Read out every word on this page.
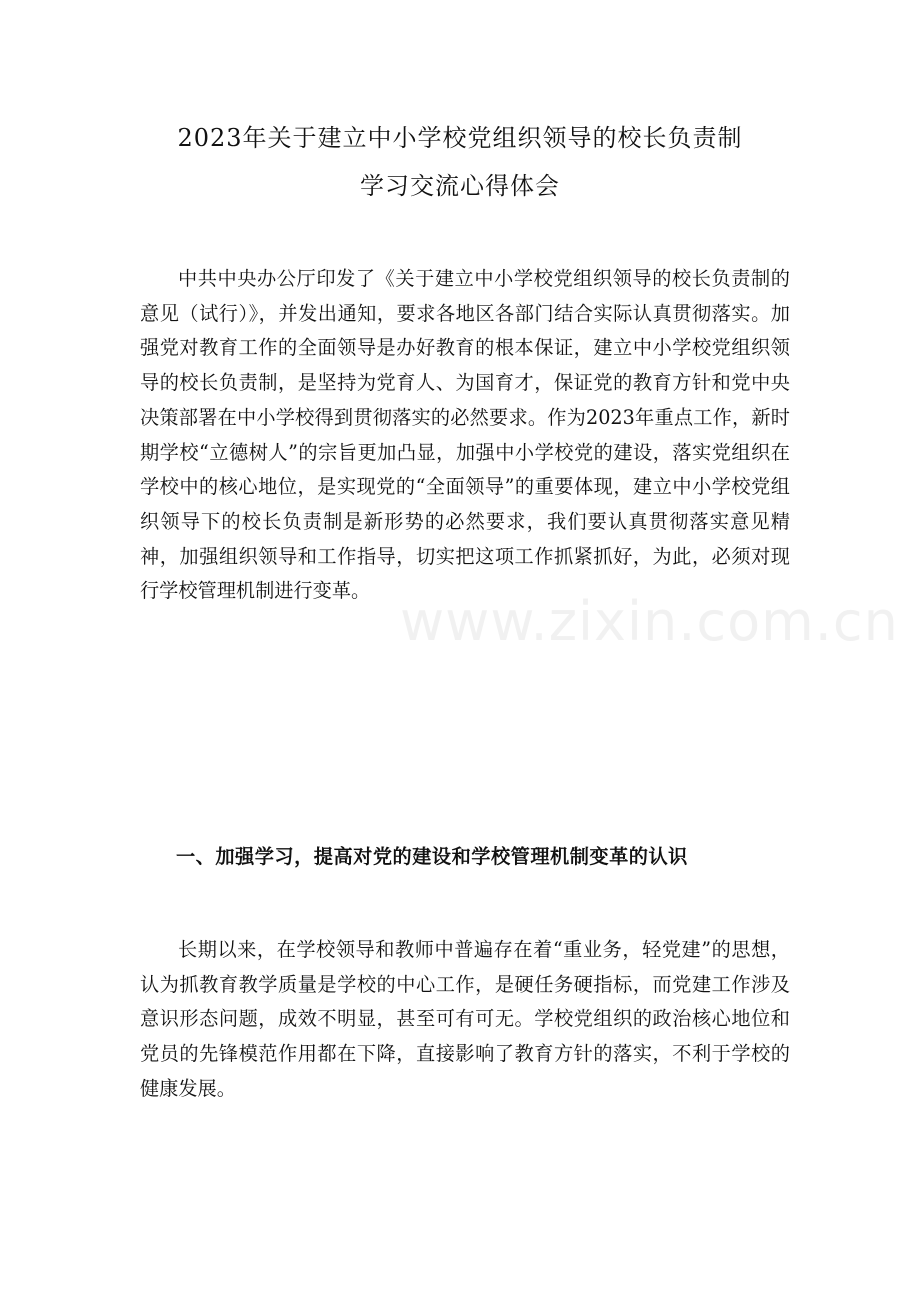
2023年关于建立中小学校党组织领导的校长负责制
学习交流心得体会
中共中央办公厅印发了《关于建立中小学校党组织领导的校长负责制的意见（试行）》，并发出通知，要求各地区各部门结合实际认真贯彻落实。加强党对教育工作的全面领导是办好教育的根本保证，建立中小学校党组织领导的校长负责制，是坚持为党育人、为国育才，保证党的教育方针和党中央决策部署在中小学校得到贯彻落实的必然要求。作为2023年重点工作，新时期学校“立德树人”的宗旨更加凸显，加强中小学校党的建设，落实党组织在学校中的核心地位，是实现党的“全面领导”的重要体现，建立中小学校党组织领导下的校长负责制是新形势的必然要求，我们要认真贯彻落实意见精神，加强组织领导和工作指导，切实把这项工作抓紧抓好，为此，必须对现行学校管理机制进行变革。
一、加强学习，提高对党的建设和学校管理机制变革的认识
长期以来，在学校领导和教师中普遍存在着“重业务，轻党建”的思想，认为抓教育教学质量是学校的中心工作，是硬任务硬指标，而党建工作涉及意识形态问题，成效不明显，甚至可有可无。学校党组织的政治核心地位和党员的先锋模范作用都在下降，直接影响了教育方针的落实，不利于学校的健康发展。
www.zixin.com.cn
